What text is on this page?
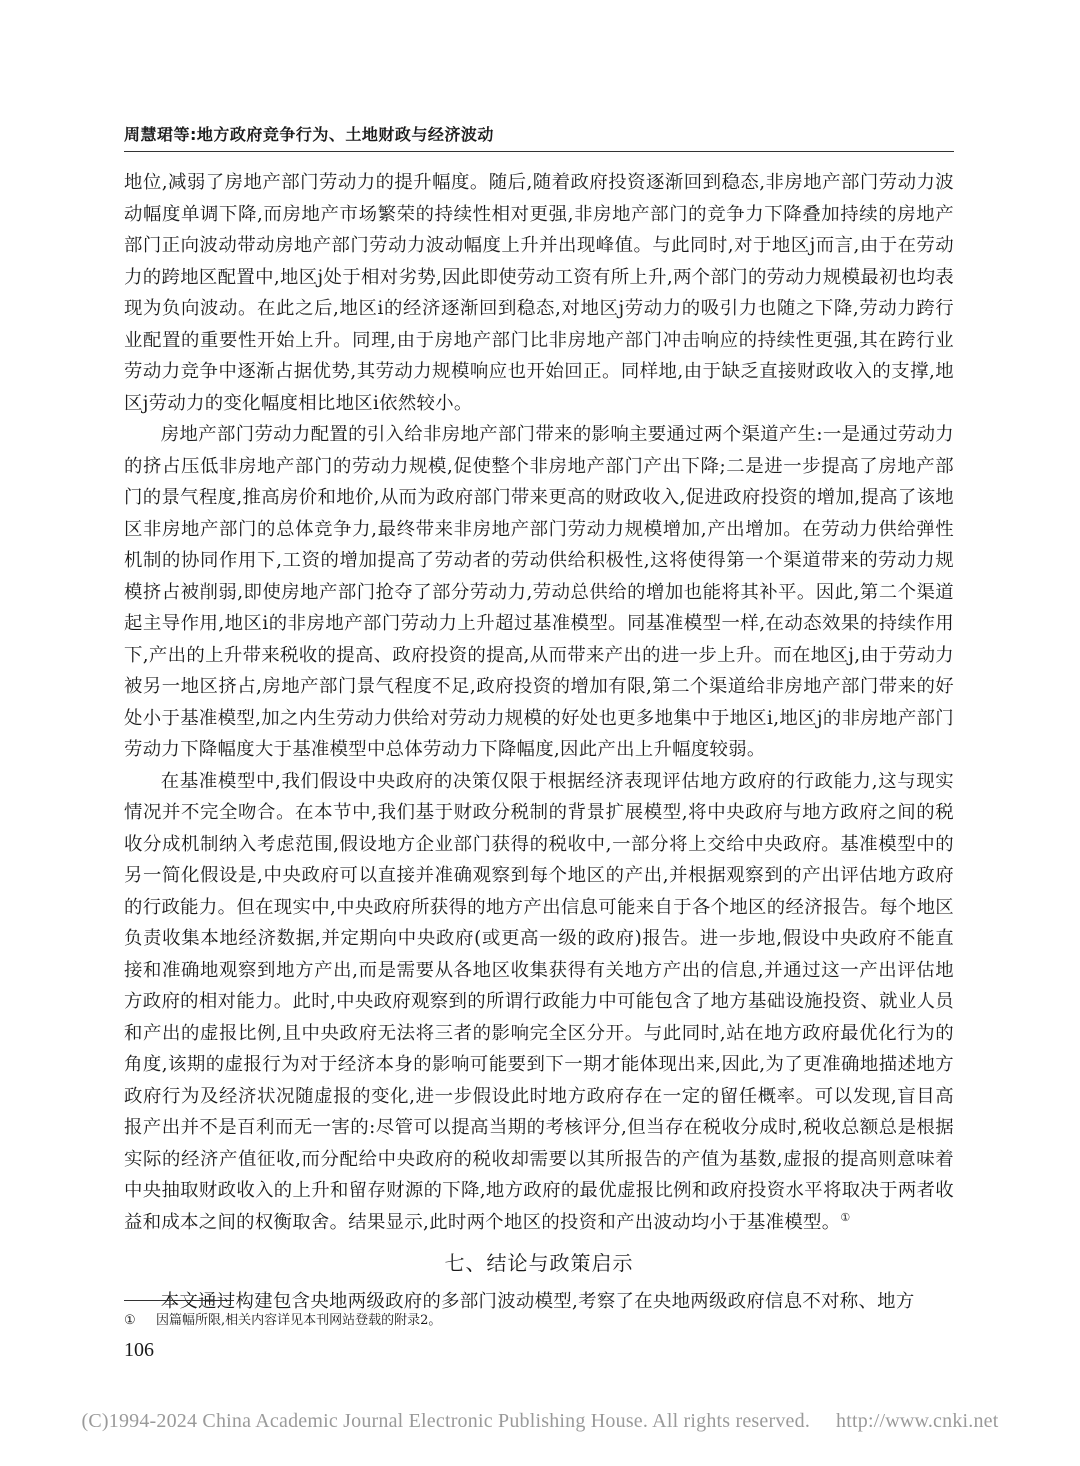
周慧珺等:地方政府竞争行为、土地财政与经济波动

地位,减弱了房地产部门劳动力的提升幅度。随后,随着政府投资逐渐回到稳态,非房地产部门劳动力波动幅度单调下降,而房地产市场繁荣的持续性相对更强,非房地产部门的竞争力下降叠加持续的房地产部门正向波动带动房地产部门劳动力波动幅度上升并出现峰值。与此同时,对于地区j而言,由于在劳动力的跨地区配置中,地区j处于相对劣势,因此即使劳动工资有所上升,两个部门的劳动力规模最初也均表现为负向波动。在此之后,地区i的经济逐渐回到稳态,对地区j劳动力的吸引力也随之下降,劳动力跨行业配置的重要性开始上升。同理,由于房地产部门比非房地产部门冲击响应的持续性更强,其在跨行业劳动力竞争中逐渐占据优势,其劳动力规模响应也开始回正。同样地,由于缺乏直接财政收入的支撑,地区j劳动力的变化幅度相比地区i依然较小。

房地产部门劳动力配置的引入给非房地产部门带来的影响主要通过两个渠道产生:一是通过劳动力的挤占压低非房地产部门的劳动力规模,促使整个非房地产部门产出下降;二是进一步提高了房地产部门的景气程度,推高房价和地价,从而为政府部门带来更高的财政收入,促进政府投资的增加,提高了该地区非房地产部门的总体竞争力,最终带来非房地产部门劳动力规模增加,产出增加。在劳动力供给弹性机制的协同作用下,工资的增加提高了劳动者的劳动供给积极性,这将使得第一个渠道带来的劳动力规模挤占被削弱,即使房地产部门抢夺了部分劳动力,劳动总供给的增加也能将其补平。因此,第二个渠道起主导作用,地区i的非房地产部门劳动力上升超过基准模型。同基准模型一样,在动态效果的持续作用下,产出的上升带来税收的提高、政府投资的提高,从而带来产出的进一步上升。而在地区j,由于劳动力被另一地区挤占,房地产部门景气程度不足,政府投资的增加有限,第二个渠道给非房地产部门带来的好处小于基准模型,加之内生劳动力供给对劳动力规模的好处也更多地集中于地区i,地区j的非房地产部门劳动力下降幅度大于基准模型中总体劳动力下降幅度,因此产出上升幅度较弱。

在基准模型中,我们假设中央政府的决策仅限于根据经济表现评估地方政府的行政能力,这与现实情况并不完全吻合。在本节中,我们基于财政分税制的背景扩展模型,将中央政府与地方政府之间的税收分成机制纳入考虑范围,假设地方企业部门获得的税收中,一部分将上交给中央政府。基准模型中的另一简化假设是,中央政府可以直接并准确观察到每个地区的产出,并根据观察到的产出评估地方政府的行政能力。但在现实中,中央政府所获得的地方产出信息可能来自于各个地区的经济报告。每个地区负责收集本地经济数据,并定期向中央政府(或更高一级的政府)报告。进一步地,假设中央政府不能直接和准确地观察到地方产出,而是需要从各地区收集获得有关地方产出的信息,并通过这一产出评估地方政府的相对能力。此时,中央政府观察到的所谓行政能力中可能包含了地方基础设施投资、就业人员和产出的虚报比例,且中央政府无法将三者的影响完全区分开。与此同时,站在地方政府最优化行为的角度,该期的虚报行为对于经济本身的影响可能要到下一期才能体现出来,因此,为了更准确地描述地方政府行为及经济状况随虚报的变化,进一步假设此时地方政府存在一定的留任概率。可以发现,盲目高报产出并不是百利而无一害的:尽管可以提高当期的考核评分,但当存在税收分成时,税收总额总是根据实际的经济产值征收,而分配给中央政府的税收却需要以其所报告的产值为基数,虚报的提高则意味着中央抽取财政收入的上升和留存财源的下降,地方政府的最优虚报比例和政府投资水平将取决于两者收益和成本之间的权衡取舍。结果显示,此时两个地区的投资和产出波动均小于基准模型。①

七、结论与政策启示

本文通过构建包含央地两级政府的多部门波动模型,考察了在央地两级政府信息不对称、地方

① 因篇幅所限,相关内容详见本刊网站登载的附录2。
106
(C)1994-2024 China Academic Journal Electronic Publishing House. All rights reserved. http://www.cnki.net
